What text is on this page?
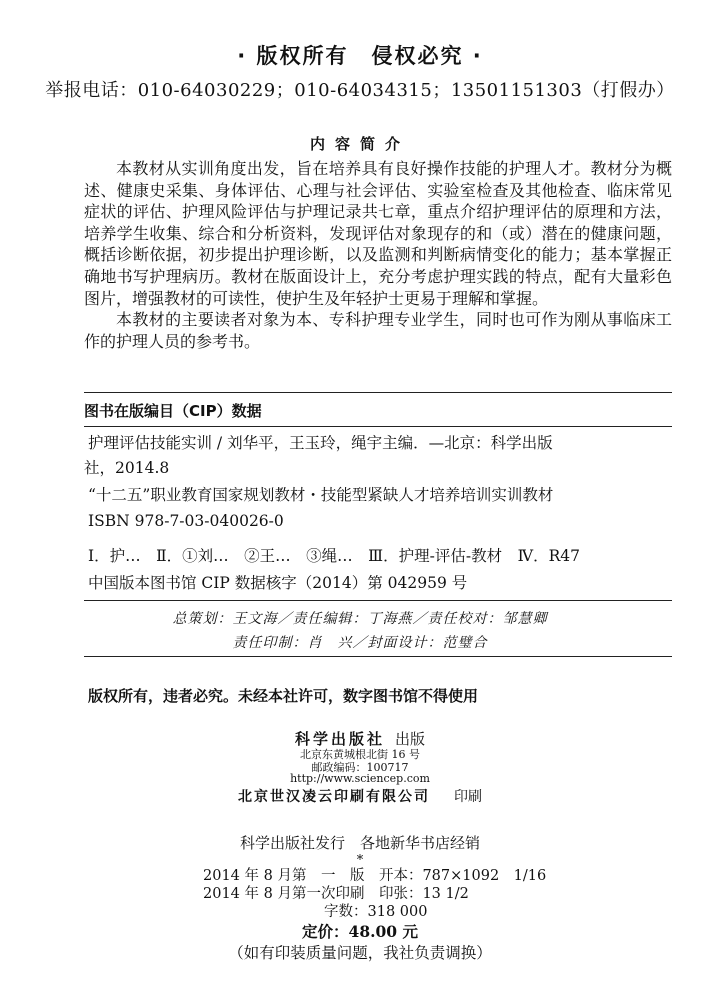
· 版权所有　侵权必究 ·
举报电话：010-64030229；010-64034315；13501151303（打假办）
内容简介

本教材从实训角度出发，旨在培养具有良好操作技能的护理人才。教材分为概述、健康史采集、身体评估、心理与社会评估、实验室检查及其他检查、临床常见症状的评估、护理风险评估与护理记录共七章，重点介绍护理评估的原理和方法，培养学生收集、综合和分析资料，发现评估对象现存的和（或）潜在的健康问题，概括诊断依据，初步提出护理诊断，以及监测和判断病情变化的能力；基本掌握正确地书写护理病历。教材在版面设计上，充分考虑护理实践的特点，配有大量彩色图片，增强教材的可读性，使护生及年轻护士更易于理解和掌握。

本教材的主要读者对象为本、专科护理专业学生，同时也可作为刚从事临床工作的护理人员的参考书。

图书在版编目（CIP）数据
护理评估技能实训 / 刘华平，王玉玲，绳宇主编．—北京：科学出版
社，2014.8
“十二五”职业教育国家规划教材・技能型紧缺人才培养培训实训教材
ISBN 978-7-03-040026-0
Ⅰ．护…　Ⅱ．①刘…　②王…　③绳…　Ⅲ．护理-评估-教材　Ⅳ．R47
中国版本图书馆 CIP 数据核字（2014）第 042959 号
总策划：王文海／责任编辑：丁海燕／责任校对：邹慧卿
责任印制：肖　兴／封面设计：范璧合
版权所有，违者必究。未经本社许可，数字图书馆不得使用
科学出版社 出版
北京东黄城根北街 16 号
邮政编码：100717
http://www.sciencep.com
北京世汉凌云印刷有限公司 印刷
科学出版社发行　各地新华书店经销
*
2014 年 8 月第　一　版　开本：787×1092　1/16
2014 年 8 月第一次印刷　印张：13 1/2
字数：318 000
定价：48.00 元
（如有印装质量问题，我社负责调换）
